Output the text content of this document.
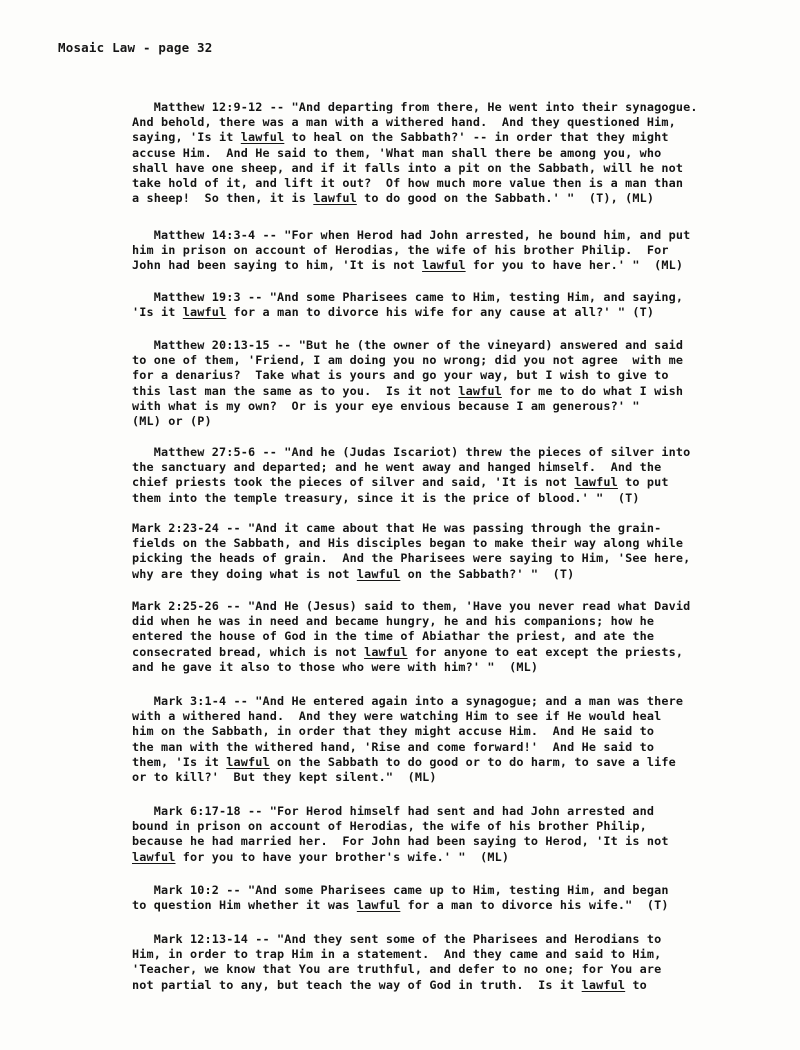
Mosaic Law - page 32
Matthew 12:9-12 -- "And departing from there, He went into their synagogue.
And behold, there was a man with a withered hand.  And they questioned Him,
saying, 'Is it lawful to heal on the Sabbath?' -- in order that they might
accuse Him.  And He said to them, 'What man shall there be among you, who
shall have one sheep, and if it falls into a pit on the Sabbath, will he not
take hold of it, and lift it out?  Of how much more value then is a man than
a sheep!  So then, it is lawful to do good on the Sabbath.' "  (T), (ML)
Matthew 14:3-4 -- "For when Herod had John arrested, he bound him, and put
him in prison on account of Herodias, the wife of his brother Philip.  For
John had been saying to him, 'It is not lawful for you to have her.' "  (ML)
Matthew 19:3 -- "And some Pharisees came to Him, testing Him, and saying,
'Is it lawful for a man to divorce his wife for any cause at all?' " (T)
Matthew 20:13-15 -- "But he (the owner of the vineyard) answered and said
to one of them, 'Friend, I am doing you no wrong; did you not agree  with me
for a denarius?  Take what is yours and go your way, but I wish to give to
this last man the same as to you.  Is it not lawful for me to do what I wish
with what is my own?  Or is your eye envious because I am generous?' "
(ML) or (P)
Matthew 27:5-6 -- "And he (Judas Iscariot) threw the pieces of silver into
the sanctuary and departed; and he went away and hanged himself.  And the
chief priests took the pieces of silver and said, 'It is not lawful to put
them into the temple treasury, since it is the price of blood.' "  (T)
Mark 2:23-24 -- "And it came about that He was passing through the grain-
fields on the Sabbath, and His disciples began to make their way along while
picking the heads of grain.  And the Pharisees were saying to Him, 'See here,
why are they doing what is not lawful on the Sabbath?' "  (T)
Mark 2:25-26 -- "And He (Jesus) said to them, 'Have you never read what David
did when he was in need and became hungry, he and his companions; how he
entered the house of God in the time of Abiathar the priest, and ate the
consecrated bread, which is not lawful for anyone to eat except the priests,
and he gave it also to those who were with him?' "  (ML)
Mark 3:1-4 -- "And He entered again into a synagogue; and a man was there
with a withered hand.  And they were watching Him to see if He would heal
him on the Sabbath, in order that they might accuse Him.  And He said to
the man with the withered hand, 'Rise and come forward!'  And He said to
them, 'Is it lawful on the Sabbath to do good or to do harm, to save a life
or to kill?'  But they kept silent."  (ML)
Mark 6:17-18 -- "For Herod himself had sent and had John arrested and
bound in prison on account of Herodias, the wife of his brother Philip,
because he had married her.  For John had been saying to Herod, 'It is not
lawful for you to have your brother's wife.' "  (ML)
Mark 10:2 -- "And some Pharisees came up to Him, testing Him, and began
to question Him whether it was lawful for a man to divorce his wife."  (T)
Mark 12:13-14 -- "And they sent some of the Pharisees and Herodians to
Him, in order to trap Him in a statement.  And they came and said to Him,
'Teacher, we know that You are truthful, and defer to no one; for You are
not partial to any, but teach the way of God in truth.  Is it lawful to
